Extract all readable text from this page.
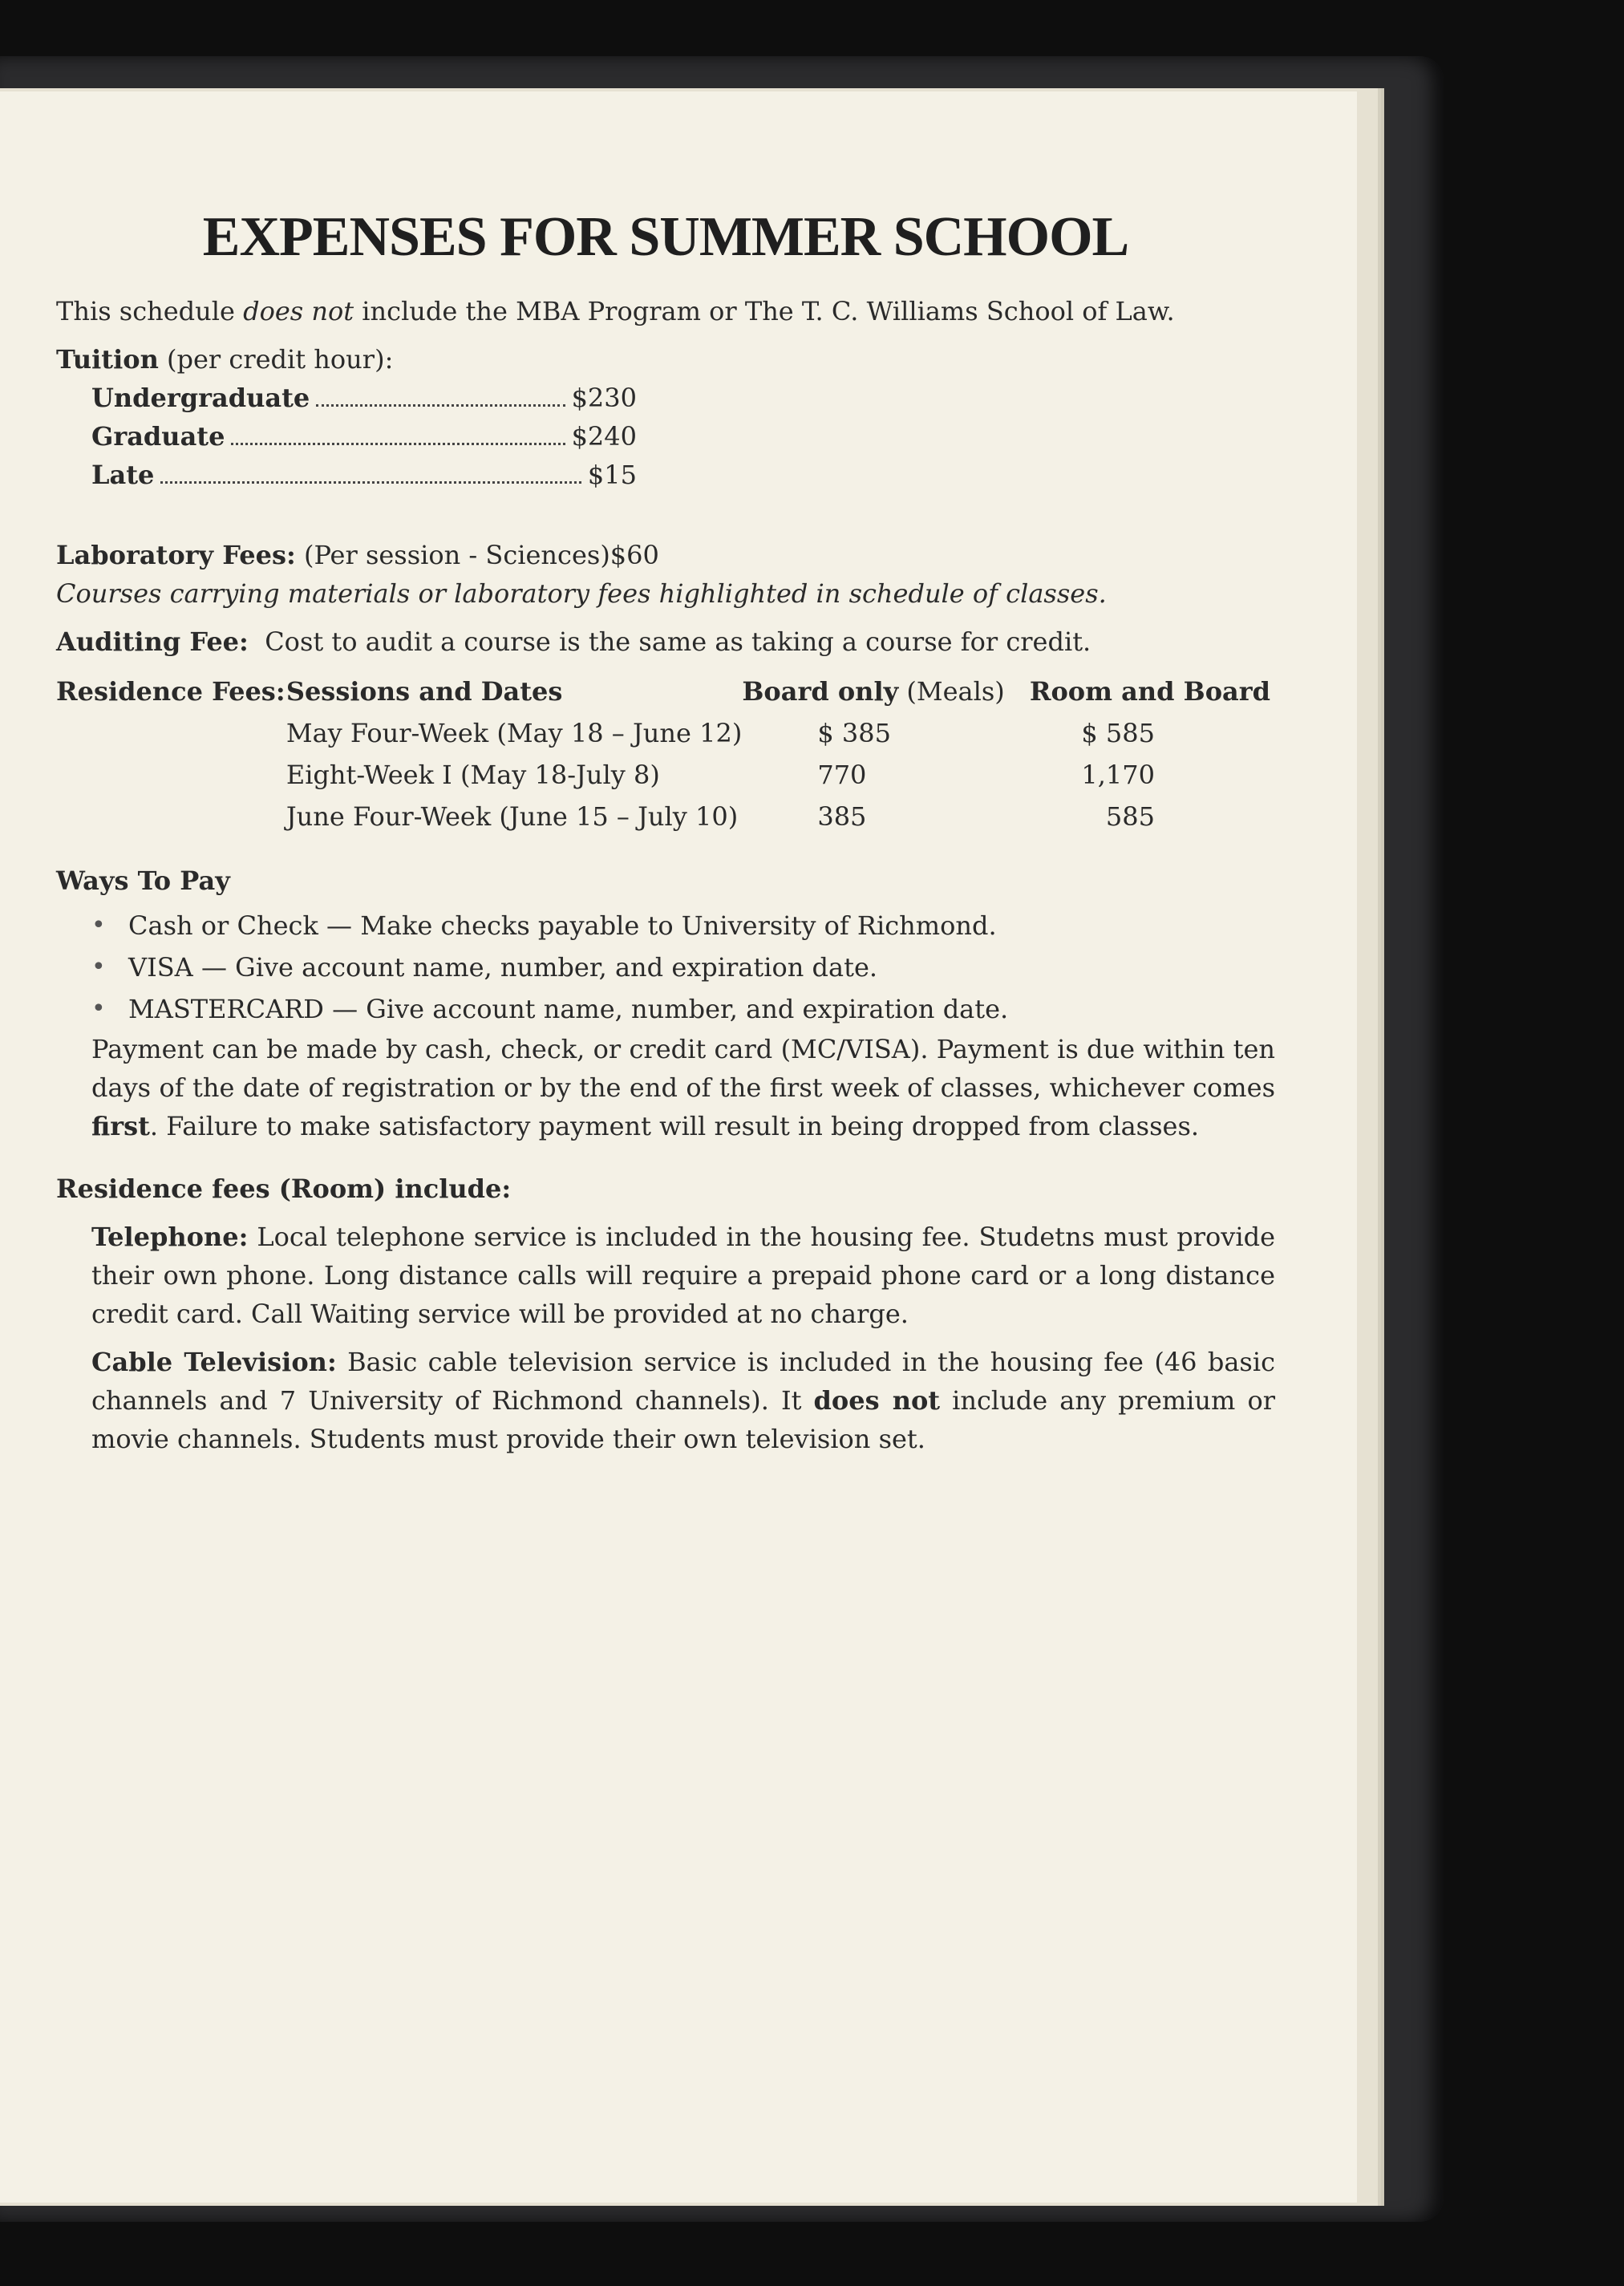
EXPENSES FOR SUMMER SCHOOL

This schedule does not include the MBA Program or The T. C. Williams School of Law.

Tuition (per credit hour):

Undergraduate	$230
Graduate	$240
Late	$15

Laboratory Fees: (Per session - Sciences)$60

Courses carrying materials or laboratory fees highlighted in schedule of classes.

Auditing Fee:  Cost to audit a course is the same as taking a course for credit.

Residence Fees:	Sessions and Dates	Board only (Meals)	Room and Board
	May Four-Week (May 18 – June 12)	$ 385	$ 585
	Eight-Week I (May 18-July 8)	770	1,170
	June Four-Week (June 15 – July 10)	385	585

Ways To Pay

• Cash or Check — Make checks payable to University of Richmond.
• VISA — Give account name, number, and expiration date.
• MASTERCARD — Give account name, number, and expiration date.

Payment can be made by cash, check, or credit card (MC/VISA). Payment is due within ten days of the date of registration or by the end of the first week of classes, whichever comes first. Failure to make satisfactory payment will result in being dropped from classes.

Residence fees (Room) include:

Telephone: Local telephone service is included in the housing fee. Studetns must provide their own phone. Long distance calls will require a prepaid phone card or a long distance credit card. Call Waiting service will be provided at no charge.

Cable Television: Basic cable television service is included in the housing fee (46 basic channels and 7 University of Richmond channels). It does not include any premium or movie channels. Students must provide their own television set.
